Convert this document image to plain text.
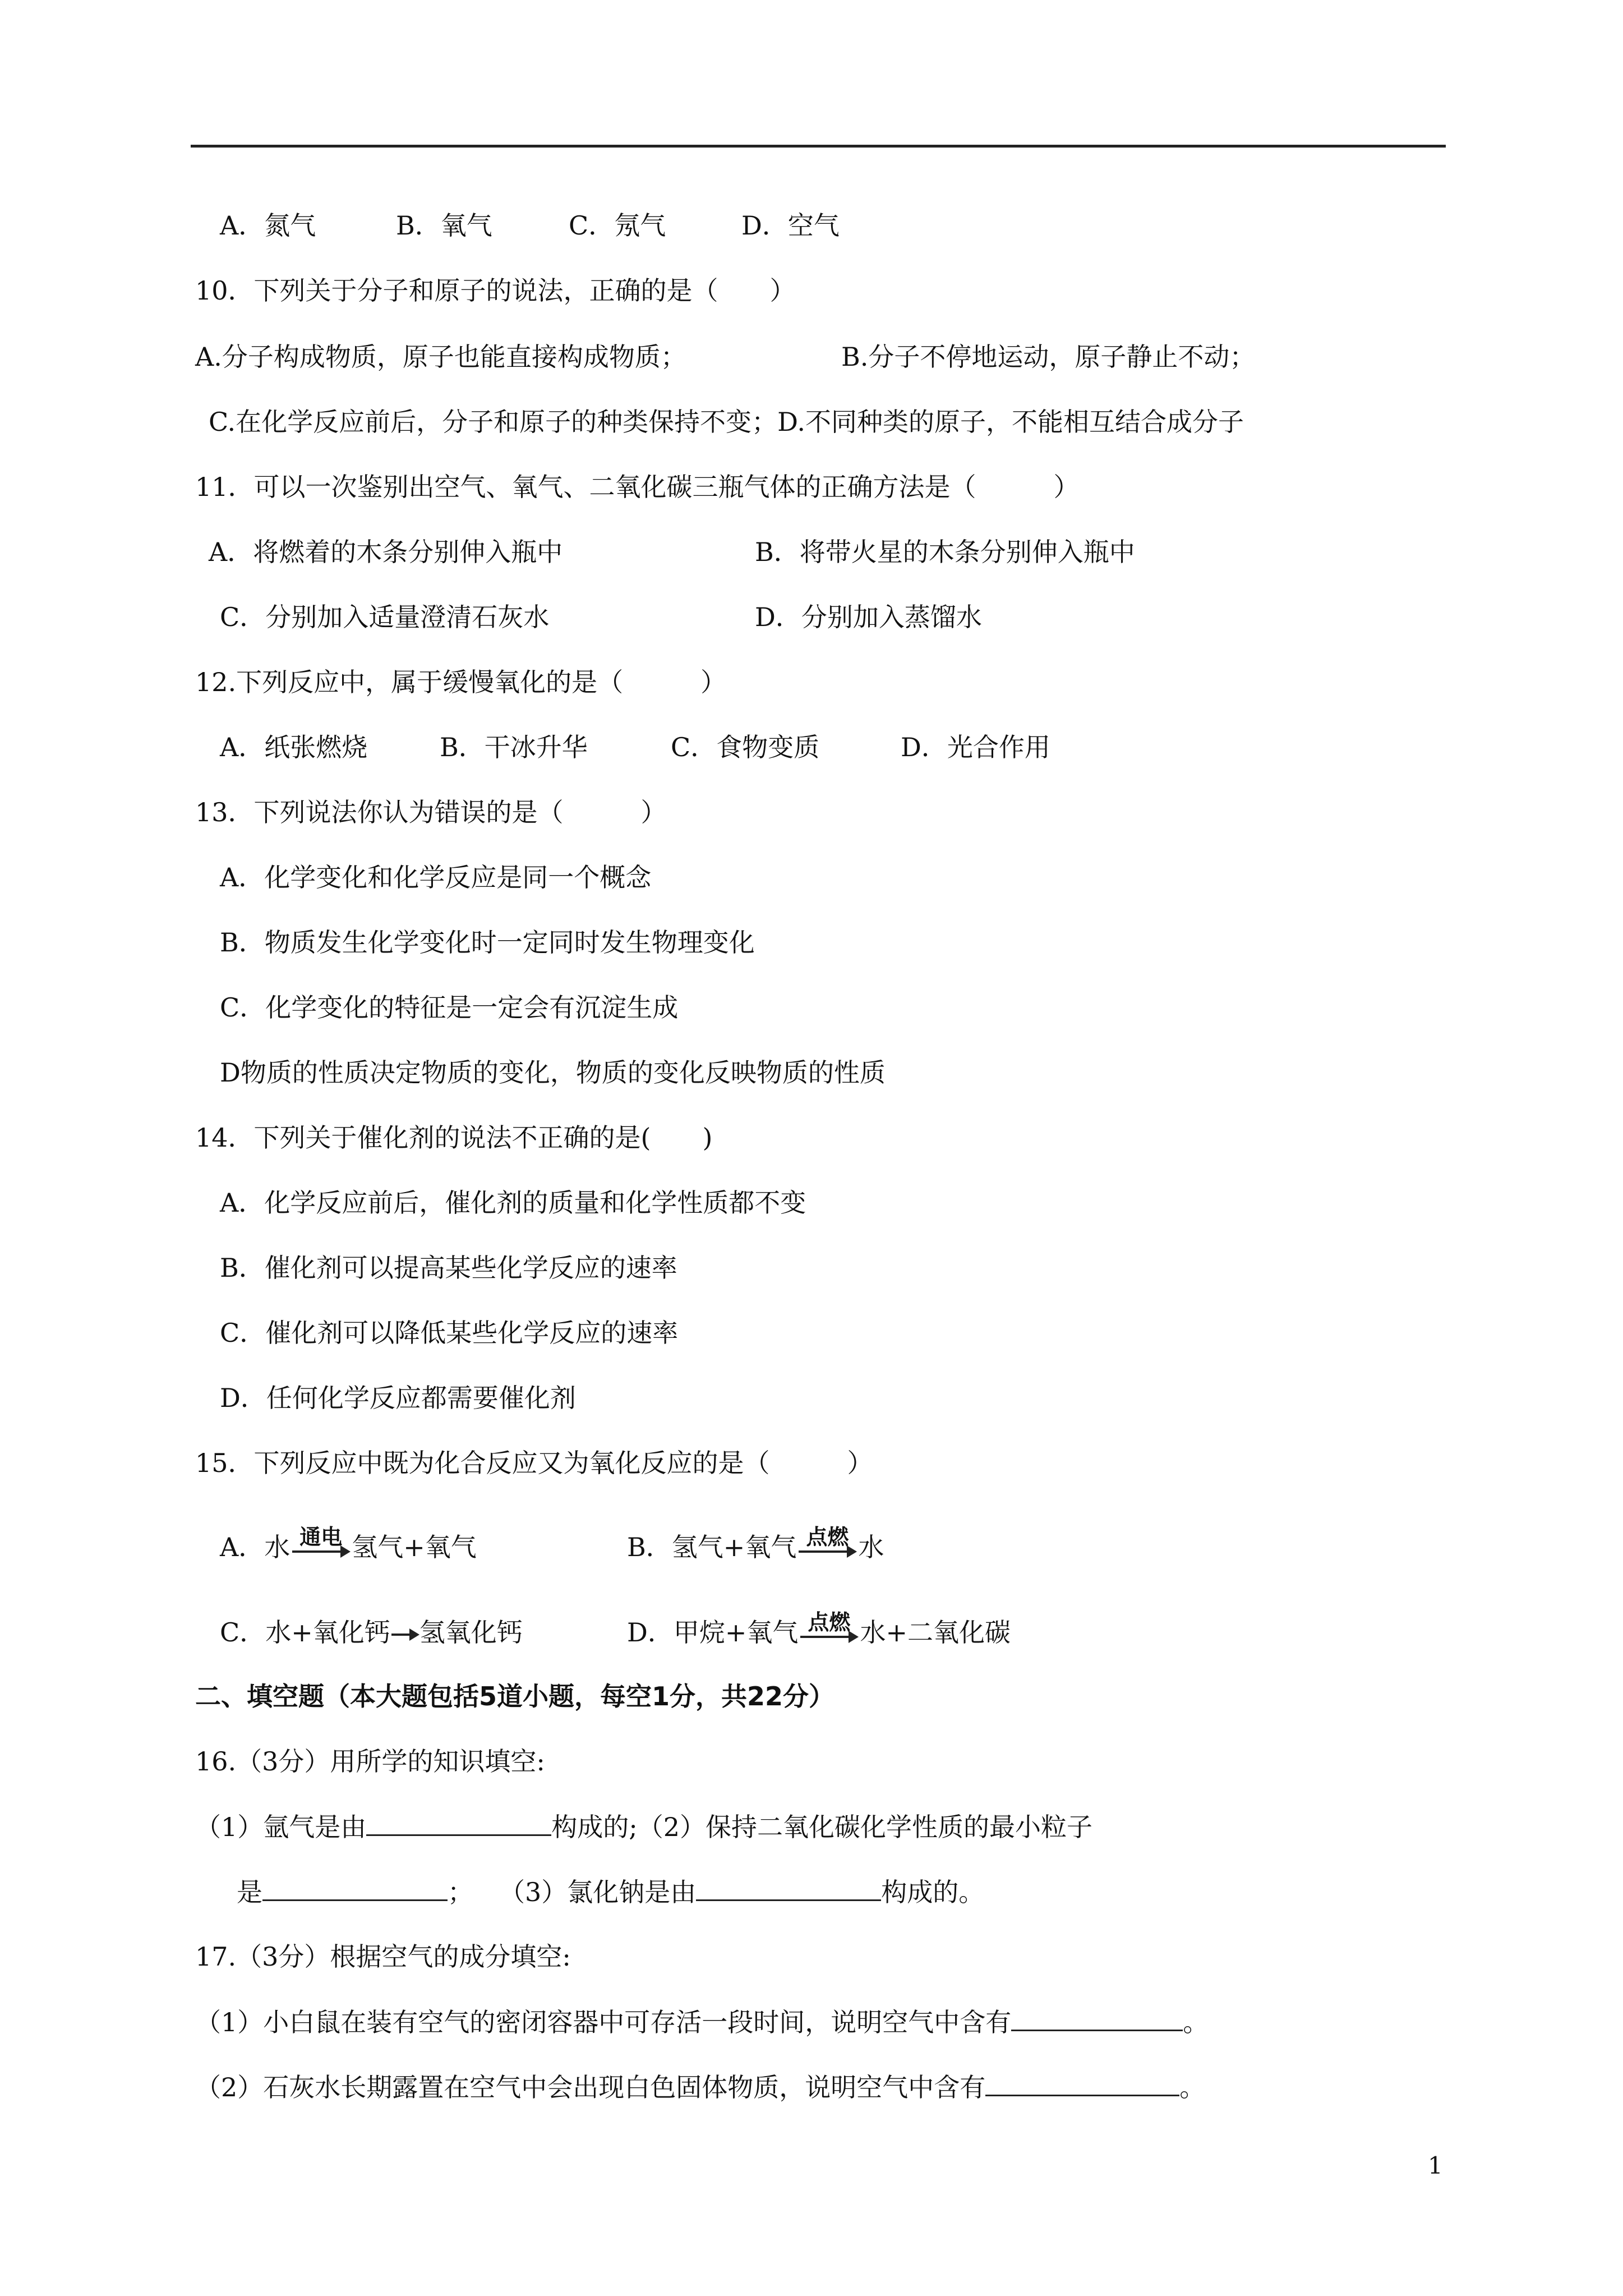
A．氮气	B．氧气	C．氖气	D．空气
10．下列关于分子和原子的说法，正确的是（　　）
A.分子构成物质，原子也能直接构成物质；	B.分子不停地运动，原子静止不动；
C.在化学反应前后，分子和原子的种类保持不变；D.不同种类的原子，不能相互结合成分子
11．可以一次鉴别出空气、氧气、二氧化碳三瓶气体的正确方法是（　　　）
A．将燃着的木条分别伸入瓶中	B．将带火星的木条分别伸入瓶中
C．分别加入适量澄清石灰水	D．分别加入蒸馏水
12.下列反应中，属于缓慢氧化的是（　　　）
A．纸张燃烧	B．干冰升华	C．食物变质	D．光合作用
13．下列说法你认为错误的是（　　　）
A．化学变化和化学反应是同一个概念
B．物质发生化学变化时一定同时发生物理变化
C．化学变化的特征是一定会有沉淀生成
D物质的性质决定物质的变化，物质的变化反映物质的性质
14．下列关于催化剂的说法不正确的是(　　)
A．化学反应前后，催化剂的质量和化学性质都不变
B．催化剂可以提高某些化学反应的速率
C．催化剂可以降低某些化学反应的速率
D．任何化学反应都需要催化剂
15．下列反应中既为化合反应又为氧化反应的是（　　　）
A．水 通电 氢气+氧气	B．氢气+氧气 点燃 水
C．水+氧化钙 氢氧化钙	D．甲烷+氧气 点燃 水+二氧化碳
二、填空题（本大题包括5道小题，每空1分，共22分）
16.（3分）用所学的知识填空:
（1）氩气是由	构成的;（2）保持二氧化碳化学性质的最小粒子
是	；　　（3）氯化钠是由	构成的。
17.（3分）根据空气的成分填空:
（1）小白鼠在装有空气的密闭容器中可存活一段时间，说明空气中含有	。
（2）石灰水长期露置在空气中会出现白色固体物质，说明空气中含有	。
1
